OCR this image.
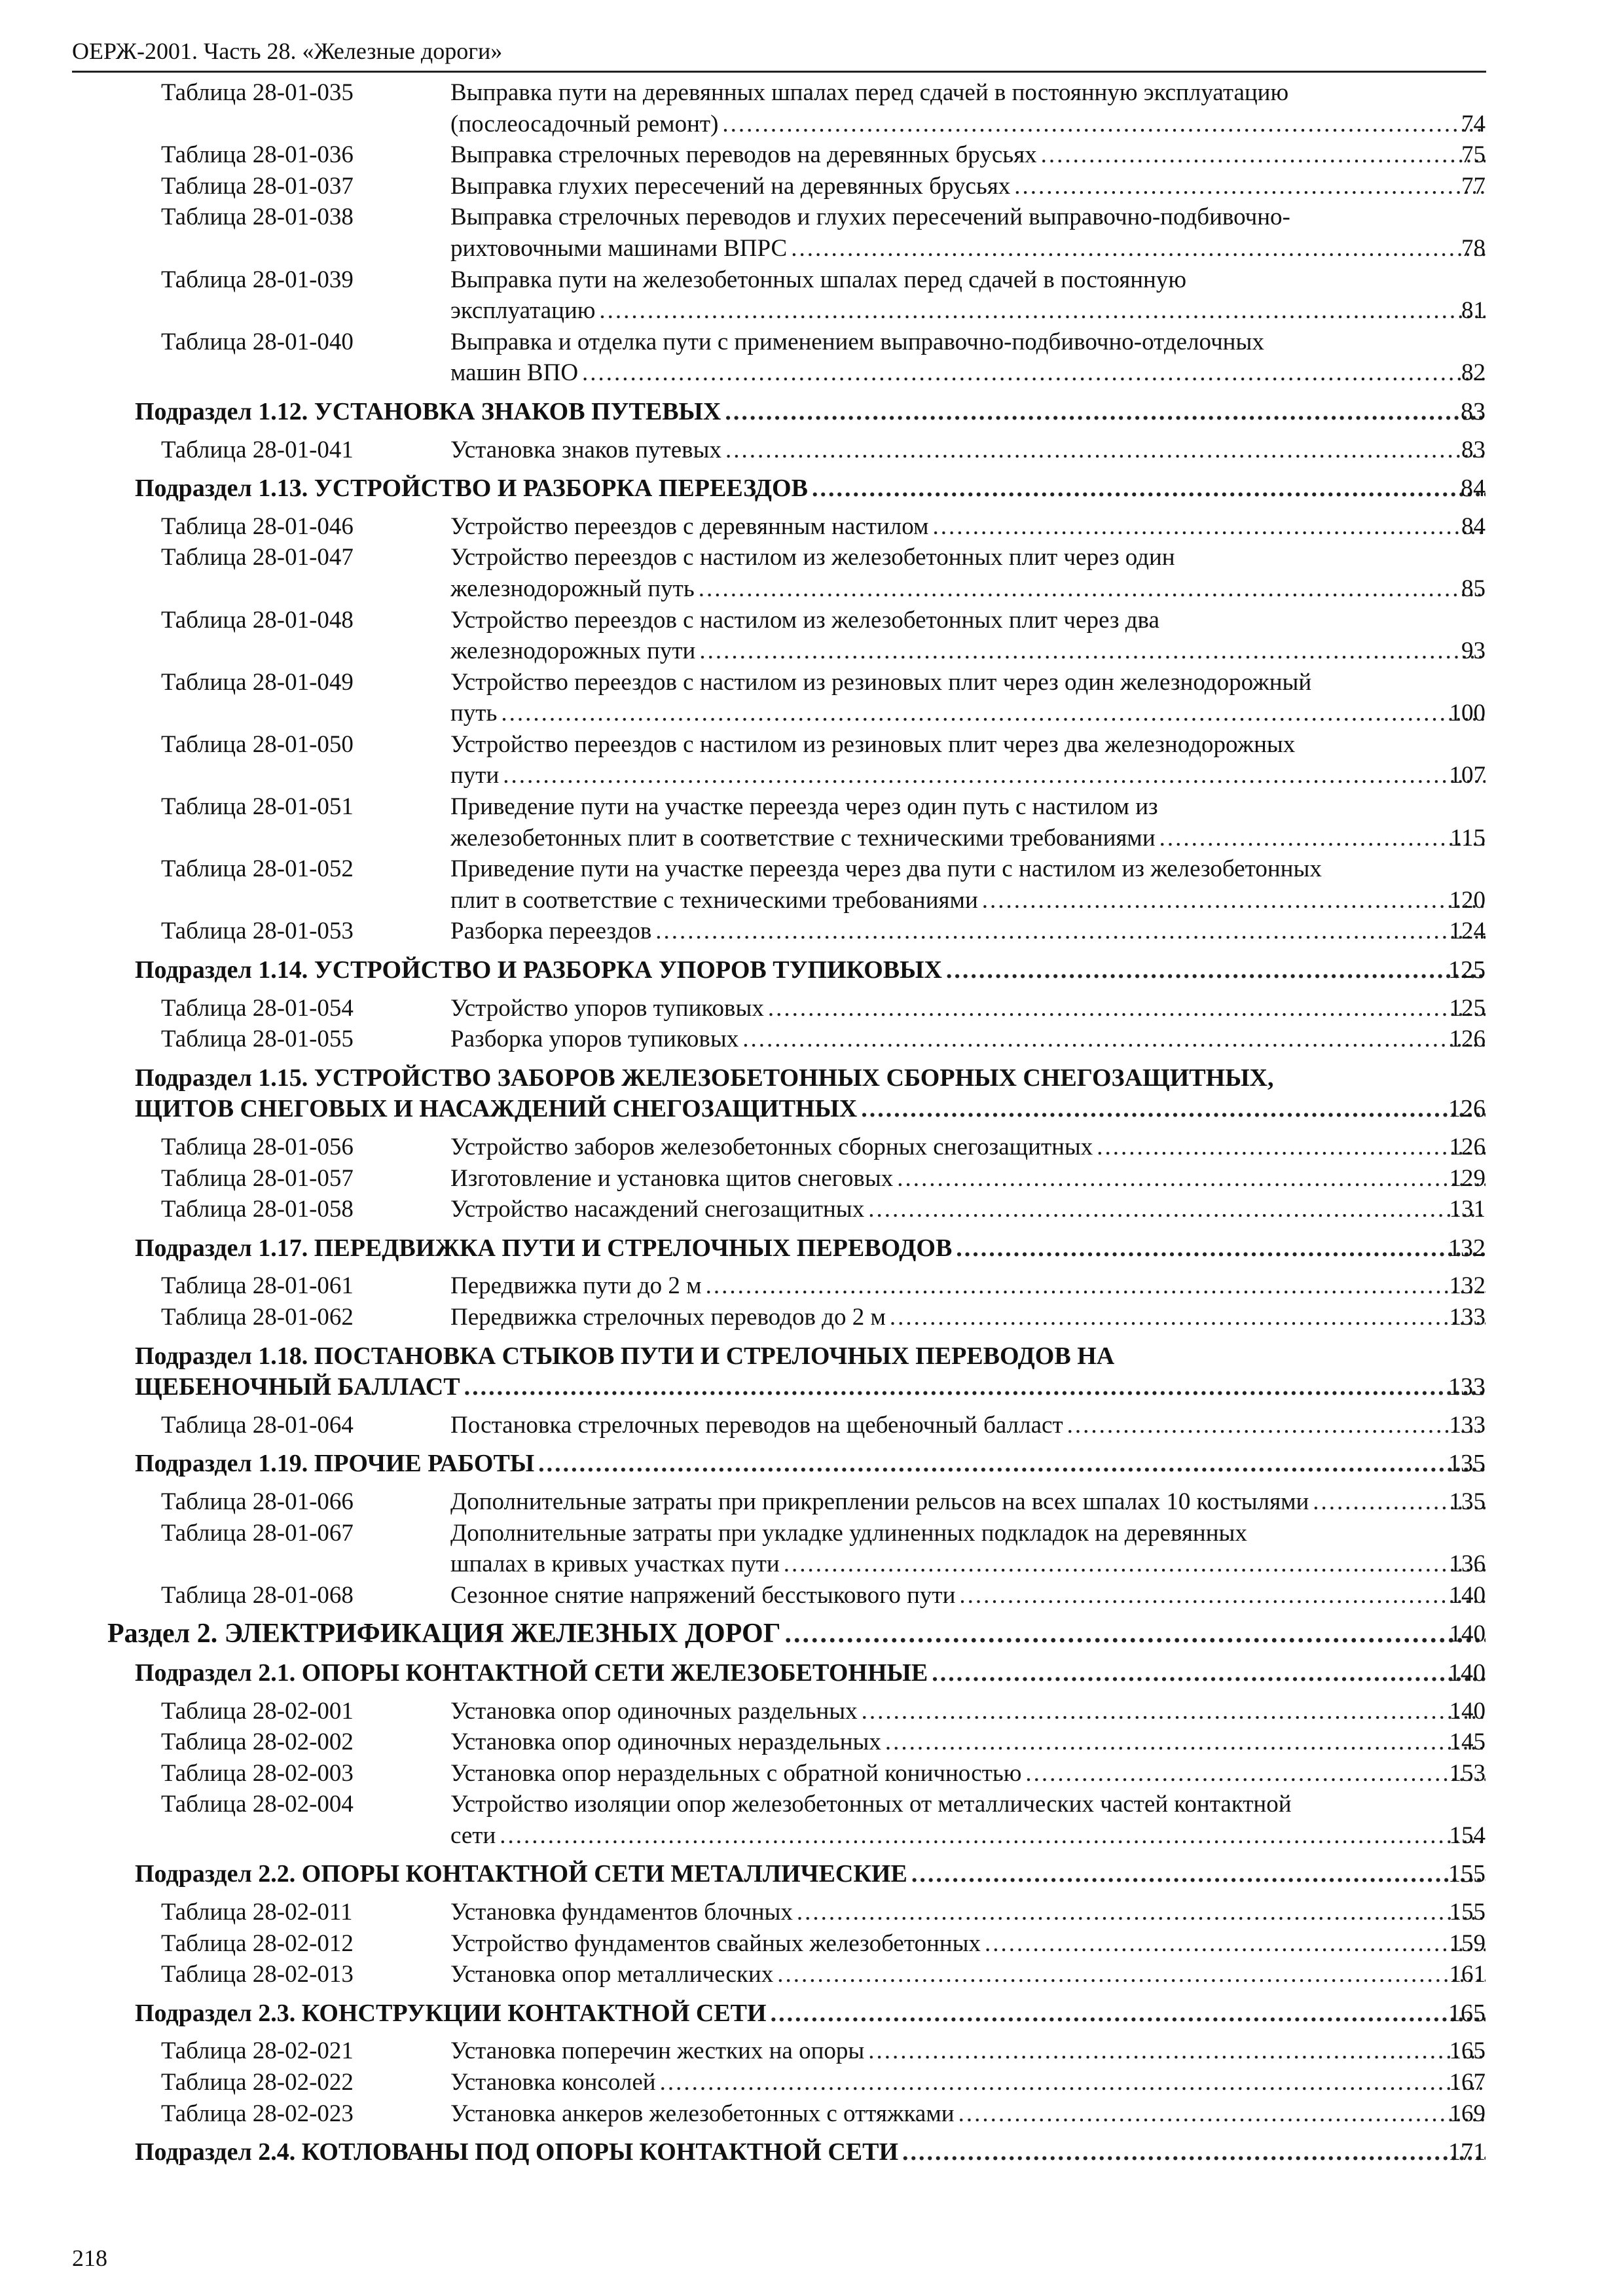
ОЕРЖ-2001. Часть 28. «Железные дороги»
Таблица 28-01-035	Выправка пути на деревянных шпалах перед сдачей в постоянную эксплуатацию
(послеосадочный ремонт) .....	74
Таблица 28-01-036	Выправка стрелочных переводов на деревянных брусьях .....	75
Таблица 28-01-037	Выправка глухих пересечений на деревянных брусьях .....	77
Таблица 28-01-038	Выправка стрелочных переводов и глухих пересечений выправочно-подбивочно-
рихтовочными машинами ВПРС .....	78
Таблица 28-01-039	Выправка пути на железобетонных шпалах перед сдачей в постоянную
эксплуатацию .....	81
Таблица 28-01-040	Выправка и отделка пути с применением выправочно-подбивочно-отделочных
машин ВПО .....	82
Подраздел 1.12. УСТАНОВКА ЗНАКОВ ПУТЕВЫХ .....	83
Таблица 28-01-041	Установка знаков путевых .....	83
Подраздел 1.13. УСТРОЙСТВО И РАЗБОРКА ПЕРЕЕЗДОВ .....	84
Таблица 28-01-046	Устройство переездов с деревянным настилом .....	84
Таблица 28-01-047	Устройство переездов с настилом из железобетонных плит через один
железнодорожный путь .....	85
Таблица 28-01-048	Устройство переездов с настилом из железобетонных плит через два
железнодорожных пути .....	93
Таблица 28-01-049	Устройство переездов с настилом из резиновых плит через один железнодорожный
путь .....	100
Таблица 28-01-050	Устройство переездов с настилом из резиновых плит через два железнодорожных
пути .....	107
Таблица 28-01-051	Приведение пути на участке переезда через один путь с настилом из
железобетонных плит в соответствие с техническими требованиями .....	115
Таблица 28-01-052	Приведение пути на участке переезда через два пути с настилом из железобетонных
плит в соответствие с техническими требованиями .....	120
Таблица 28-01-053	Разборка переездов .....	124
Подраздел 1.14. УСТРОЙСТВО И РАЗБОРКА УПОРОВ ТУПИКОВЫХ .....	125
Таблица 28-01-054	Устройство упоров тупиковых .....	125
Таблица 28-01-055	Разборка упоров тупиковых .....	126
Подраздел 1.15. УСТРОЙСТВО ЗАБОРОВ ЖЕЛЕЗОБЕТОННЫХ СБОРНЫХ СНЕГОЗАЩИТНЫХ,
ЩИТОВ СНЕГОВЫХ И НАСАЖДЕНИЙ СНЕГОЗАЩИТНЫХ .....	126
Таблица 28-01-056	Устройство заборов железобетонных сборных снегозащитных .....	126
Таблица 28-01-057	Изготовление и установка щитов снеговых .....	129
Таблица 28-01-058	Устройство насаждений снегозащитных .....	131
Подраздел 1.17. ПЕРЕДВИЖКА ПУТИ И СТРЕЛОЧНЫХ ПЕРЕВОДОВ .....	132
Таблица 28-01-061	Передвижка пути до 2 м .....	132
Таблица 28-01-062	Передвижка стрелочных переводов до 2 м .....	133
Подраздел 1.18. ПОСТАНОВКА СТЫКОВ ПУТИ И СТРЕЛОЧНЫХ ПЕРЕВОДОВ НА
ЩЕБЕНОЧНЫЙ БАЛЛАСТ .....	133
Таблица 28-01-064	Постановка стрелочных переводов на щебеночный балласт .....	133
Подраздел 1.19. ПРОЧИЕ РАБОТЫ .....	135
Таблица 28-01-066	Дополнительные затраты при прикреплении рельсов на всех шпалах 10 костылями .....	135
Таблица 28-01-067	Дополнительные затраты при укладке удлиненных подкладок на деревянных
шпалах в кривых участках пути .....	136
Таблица 28-01-068	Сезонное снятие напряжений бесстыкового пути .....	140
Раздел 2. ЭЛЕКТРИФИКАЦИЯ ЖЕЛЕЗНЫХ ДОРОГ .....	140
Подраздел 2.1. ОПОРЫ КОНТАКТНОЙ СЕТИ ЖЕЛЕЗОБЕТОННЫЕ .....	140
Таблица 28-02-001	Установка опор одиночных раздельных .....	140
Таблица 28-02-002	Установка опор одиночных нераздельных .....	145
Таблица 28-02-003	Установка опор нераздельных с обратной коничностью .....	153
Таблица 28-02-004	Устройство изоляции опор железобетонных от металлических частей контактной
сети .....	154
Подраздел 2.2. ОПОРЫ КОНТАКТНОЙ СЕТИ МЕТАЛЛИЧЕСКИЕ .....	155
Таблица 28-02-011	Установка фундаментов блочных .....	155
Таблица 28-02-012	Устройство фундаментов свайных железобетонных .....	159
Таблица 28-02-013	Установка опор металлических .....	161
Подраздел 2.3. КОНСТРУКЦИИ КОНТАКТНОЙ СЕТИ .....	165
Таблица 28-02-021	Установка поперечин жестких на опоры .....	165
Таблица 28-02-022	Установка консолей .....	167
Таблица 28-02-023	Установка анкеров железобетонных с оттяжками .....	169
Подраздел 2.4. КОТЛОВАНЫ ПОД ОПОРЫ КОНТАКТНОЙ СЕТИ .....	171
218
